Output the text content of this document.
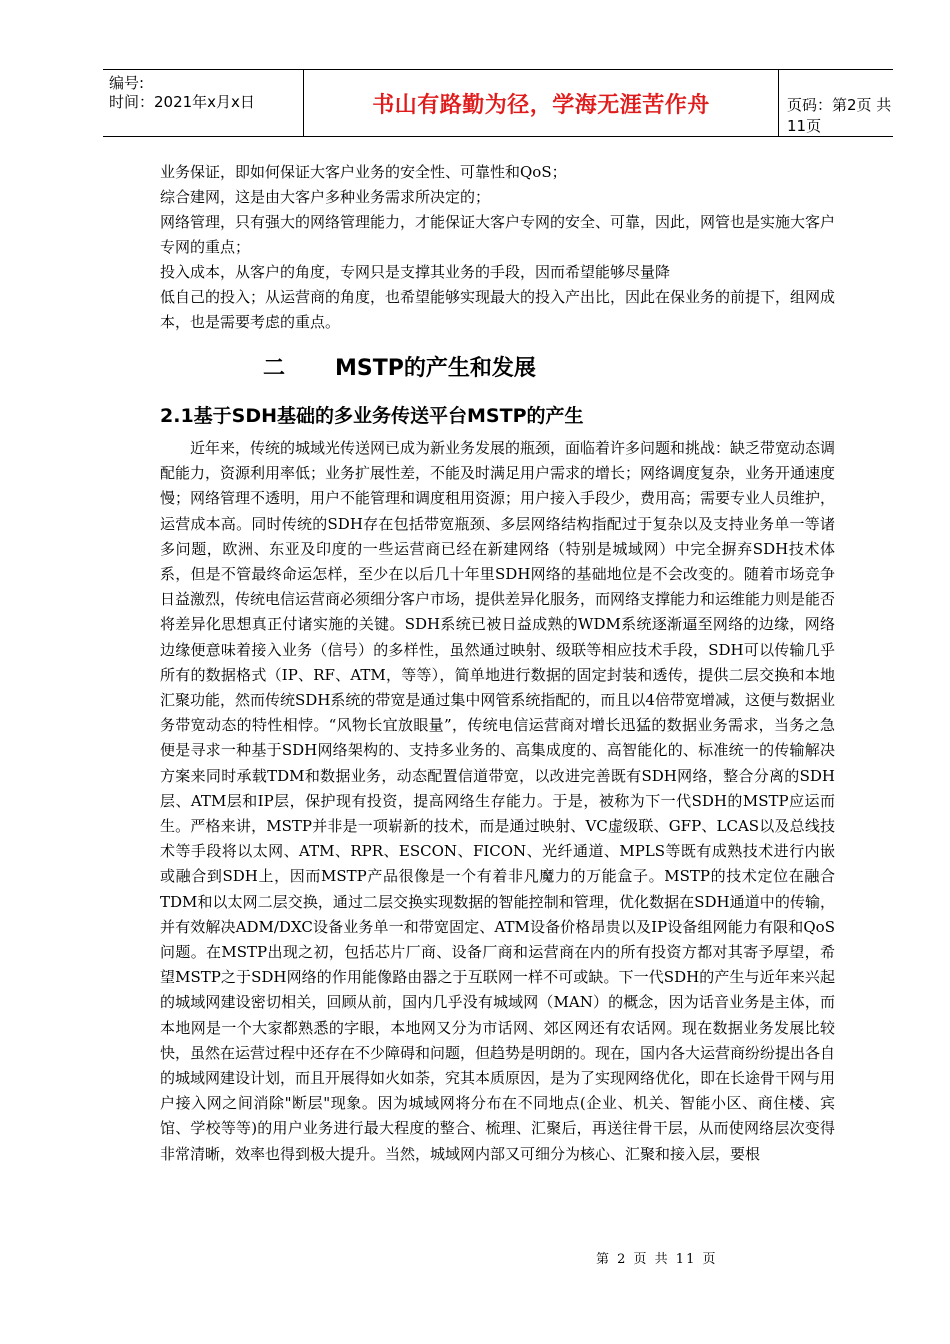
编号:
时间：2021年x月x日	书山有路勤为径，学海无涯苦作舟	页码：第2页 共11页

业务保证，即如何保证大客户业务的安全性、可靠性和QoS；

综合建网，这是由大客户多种业务需求所决定的；

网络管理，只有强大的网络管理能力，才能保证大客户专网的安全、可靠，因此，网管也是实施大客户专网的重点；

投入成本，从客户的角度，专网只是支撑其业务的手段，因而希望能够尽量降

低自己的投入；从运营商的角度，也希望能够实现最大的投入产出比，因此在保业务的前提下，组网成本，也是需要考虑的重点。

二 MSTP的产生和发展
2.1基于SDH基础的多业务传送平台MSTP的产生

近年来，传统的城域光传送网已成为新业务发展的瓶颈，面临着许多问题和挑战：缺乏带宽动态调配能力，资源利用率低；业务扩展性差，不能及时满足用户需求的增长；网络调度复杂，业务开通速度慢；网络管理不透明，用户不能管理和调度租用资源；用户接入手段少，费用高；需要专业人员维护，运营成本高。同时传统的SDH存在包括带宽瓶颈、多层网络结构指配过于复杂以及支持业务单一等诸多问题，欧洲、东亚及印度的一些运营商已经在新建网络（特别是城域网）中完全摒弃SDH技术体系，但是不管最终命运怎样，至少在以后几十年里SDH网络的基础地位是不会改变的。随着市场竞争日益激烈，传统电信运营商必须细分客户市场，提供差异化服务，而网络支撑能力和运维能力则是能否将差异化思想真正付诸实施的关键。SDH系统已被日益成熟的WDM系统逐渐逼至网络的边缘，网络边缘便意味着接入业务（信号）的多样性，虽然通过映射、级联等相应技术手段，SDH可以传输几乎所有的数据格式（IP、RF、ATM，等等），简单地进行数据的固定封装和透传，提供二层交换和本地汇聚功能，然而传统SDH系统的带宽是通过集中网管系统指配的，而且以4倍带宽增减，这便与数据业务带宽动态的特性相悖。“风物长宜放眼量”，传统电信运营商对增长迅猛的数据业务需求，当务之急便是寻求一种基于SDH网络架构的、支持多业务的、高集成度的、高智能化的、标准统一的传输解决方案来同时承载TDM和数据业务，动态配置信道带宽，以改进完善既有SDH网络，整合分离的SDH层、ATM层和IP层，保护现有投资，提高网络生存能力。于是，被称为下一代SDH的MSTP应运而生。严格来讲，MSTP并非是一项崭新的技术，而是通过映射、VC虚级联、GFP、LCAS以及总线技术等手段将以太网、ATM、RPR、ESCON、FICON、光纤通道、MPLS等既有成熟技术进行内嵌或融合到SDH上，因而MSTP产品很像是一个有着非凡魔力的万能盒子。MSTP的技术定位在融合TDM和以太网二层交换，通过二层交换实现数据的智能控制和管理，优化数据在SDH通道中的传输，并有效解决ADM/DXC设备业务单一和带宽固定、ATM设备价格昂贵以及IP设备组网能力有限和QoS问题。在MSTP出现之初，包括芯片厂商、设备厂商和运营商在内的所有投资方都对其寄予厚望，希望MSTP之于SDH网络的作用能像路由器之于互联网一样不可或缺。下一代SDH的产生与近年来兴起的城域网建设密切相关，回顾从前，国内几乎没有城域网（MAN）的概念，因为话音业务是主体，而本地网是一个大家都熟悉的字眼，本地网又分为市话网、郊区网还有农话网。现在数据业务发展比较快，虽然在运营过程中还存在不少障碍和问题，但趋势是明朗的。现在，国内各大运营商纷纷提出各自的城域网建设计划，而且开展得如火如荼，究其本质原因，是为了实现网络优化，即在长途骨干网与用户接入网之间消除"断层"现象。因为城域网将分布在不同地点(企业、机关、智能小区、商住楼、宾馆、学校等等)的用户业务进行最大程度的整合、梳理、汇聚后，再送往骨干层，从而使网络层次变得非常清晰，效率也得到极大提升。当然，城域网内部又可细分为核心、汇聚和接入层，要根

第 2 页 共 11 页
